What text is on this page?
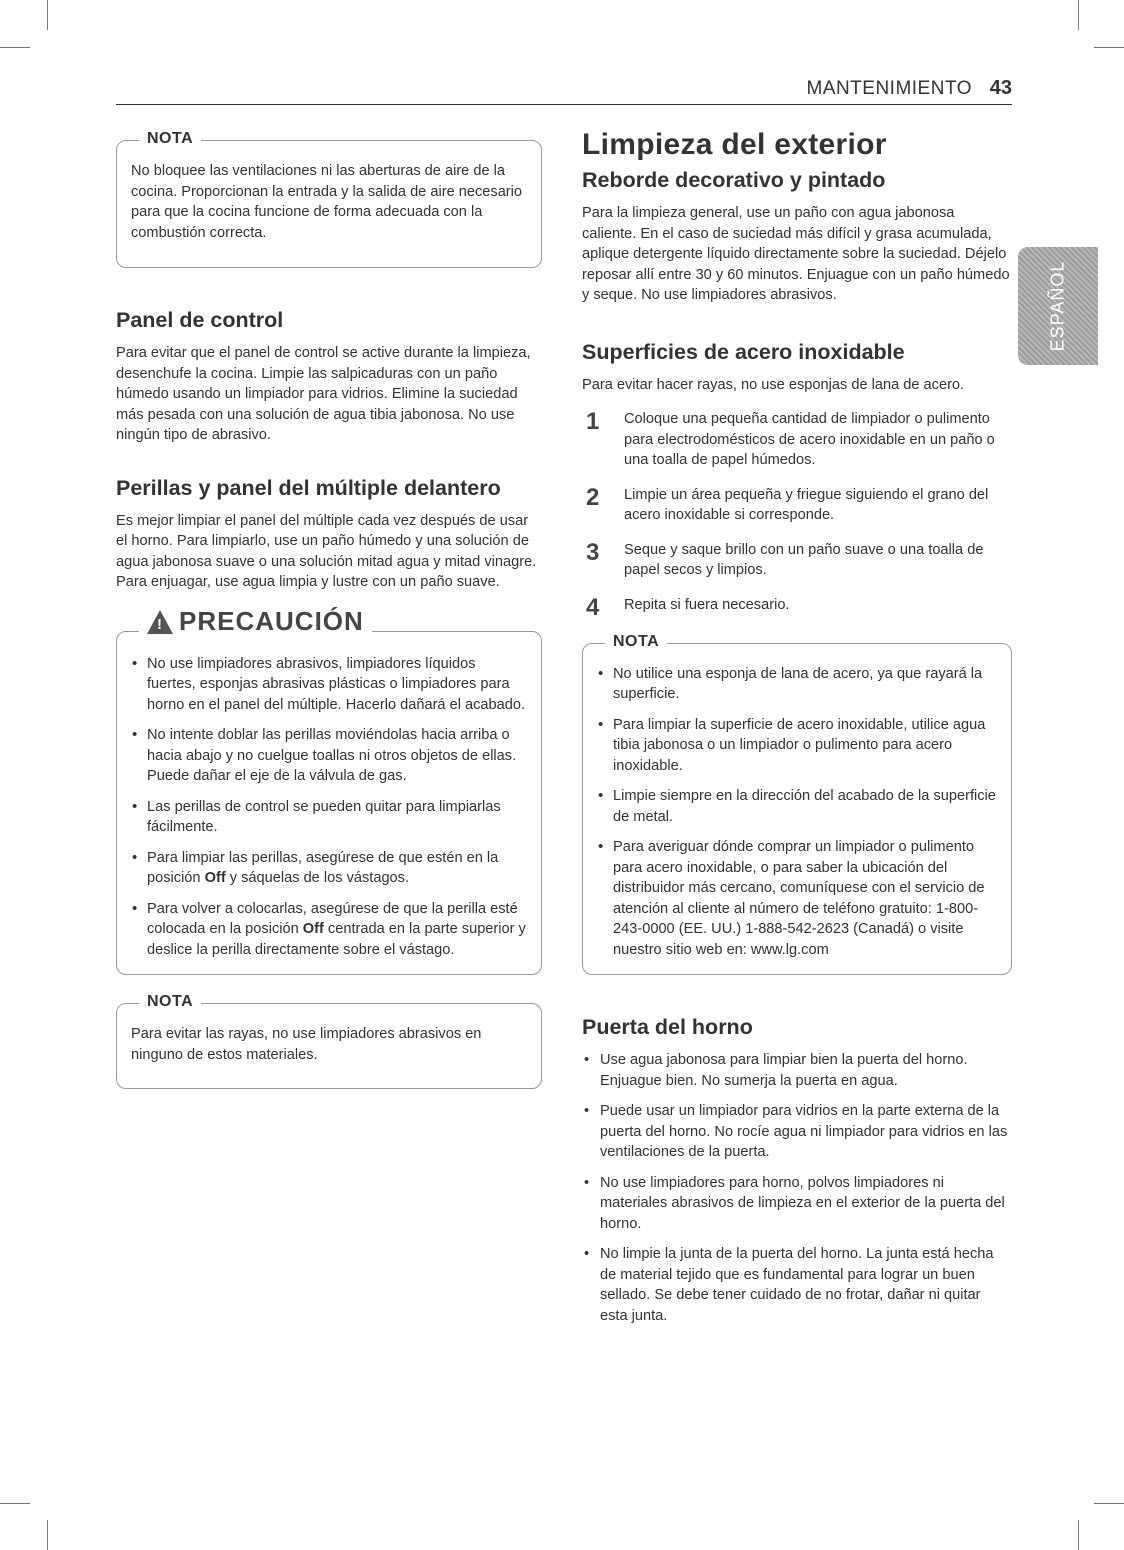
MANTENIMIENTO 43
ESPAÑOL
NOTA

No bloquee las ventilaciones ni las aberturas de aire de la cocina. Proporcionan la entrada y la salida de aire necesario para que la cocina funcione de forma adecuada con la combustión correcta.

Panel de control

Para evitar que el panel de control se active durante la limpieza, desenchufe la cocina. Limpie las salpicaduras con un paño húmedo usando un limpiador para vidrios. Elimine la suciedad más pesada con una solución de agua tibia jabonosa. No use ningún tipo de abrasivo.

Perillas y panel del múltiple delantero

Es mejor limpiar el panel del múltiple cada vez después de usar el horno. Para limpiarlo, use un paño húmedo y una solución de agua jabonosa suave o una solución mitad agua y mitad vinagre. Para enjuagar, use agua limpia y lustre con un paño suave.

! PRECAUCIÓN
• No use limpiadores abrasivos, limpiadores líquidos fuertes, esponjas abrasivas plásticas o limpiadores para horno en el panel del múltiple. Hacerlo dañará el acabado.
• No intente doblar las perillas moviéndolas hacia arriba o hacia abajo y no cuelgue toallas ni otros objetos de ellas. Puede dañar el eje de la válvula de gas.
• Las perillas de control se pueden quitar para limpiarlas fácilmente.
• Para limpiar las perillas, asegúrese de que estén en la posición Off y sáquelas de los vástagos.
• Para volver a colocarlas, asegúrese de que la perilla esté colocada en la posición Off centrada en la parte superior y deslice la perilla directamente sobre el vástago.
NOTA

Para evitar las rayas, no use limpiadores abrasivos en ninguno de estos materiales.

Limpieza del exterior
Reborde decorativo y pintado

Para la limpieza general, use un paño con agua jabonosa caliente. En el caso de suciedad más difícil y grasa acumulada, aplique detergente líquido directamente sobre la suciedad. Déjelo reposar allí entre 30 y 60 minutos. Enjuague con un paño húmedo y seque. No use limpiadores abrasivos.

Superficies de acero inoxidable

Para evitar hacer rayas, no use esponjas de lana de acero.

1	Coloque una pequeña cantidad de limpiador o pulimento para electrodomésticos de acero inoxidable en un paño o una toalla de papel húmedos.
2	Limpie un área pequeña y friegue siguiendo el grano del acero inoxidable si corresponde.
3	Seque y saque brillo con un paño suave o una toalla de papel secos y limpios.
4	Repita si fuera necesario.
NOTA
• No utilice una esponja de lana de acero, ya que rayará la superficie.
• Para limpiar la superficie de acero inoxidable, utilice agua tibia jabonosa o un limpiador o pulimento para acero inoxidable.
• Limpie siempre en la dirección del acabado de la superficie de metal.
• Para averiguar dónde comprar un limpiador o pulimento para acero inoxidable, o para saber la ubicación del distribuidor más cercano, comuníquese con el servicio de atención al cliente al número de teléfono gratuito: 1-800-243-0000 (EE. UU.) 1-888-542-2623 (Canadá) o visite nuestro sitio web en: www.lg.com
Puerta del horno
• Use agua jabonosa para limpiar bien la puerta del horno. Enjuague bien. No sumerja la puerta en agua.
• Puede usar un limpiador para vidrios en la parte externa de la puerta del horno. No rocíe agua ni limpiador para vidrios en las ventilaciones de la puerta.
• No use limpiadores para horno, polvos limpiadores ni materiales abrasivos de limpieza en el exterior de la puerta del horno.
• No limpie la junta de la puerta del horno. La junta está hecha de material tejido que es fundamental para lograr un buen sellado. Se debe tener cuidado de no frotar, dañar ni quitar esta junta.
